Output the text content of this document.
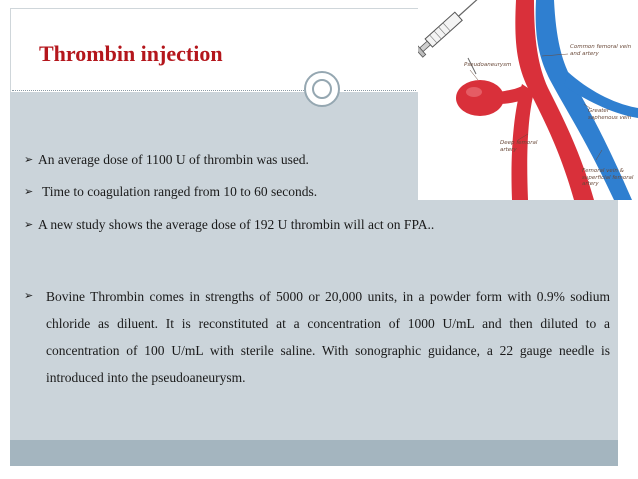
Thrombin injection
➢ An average dose of 1100 U of thrombin was used.
➢ Time to coagulation ranged from 10 to 60 seconds.
➢ A new study shows the average dose of 192 U thrombin will act on FPA..
➢ Bovine Thrombin comes in strengths of 5000 or 20,000 units, in a powder form with 0.9% sodium chloride as diluent. It is reconstituted at a concentration of 1000 U/mL and then diluted to a concentration of 100 U/mL with sterile saline. With sonographic guidance, a 22 gauge needle is introduced into the pseudoaneurysm.

Pseudoaneurysm
Common femoral vein and artery
Greater saphenous vein
Deep femoral artery
Femoral vein & superficial femoral artery
